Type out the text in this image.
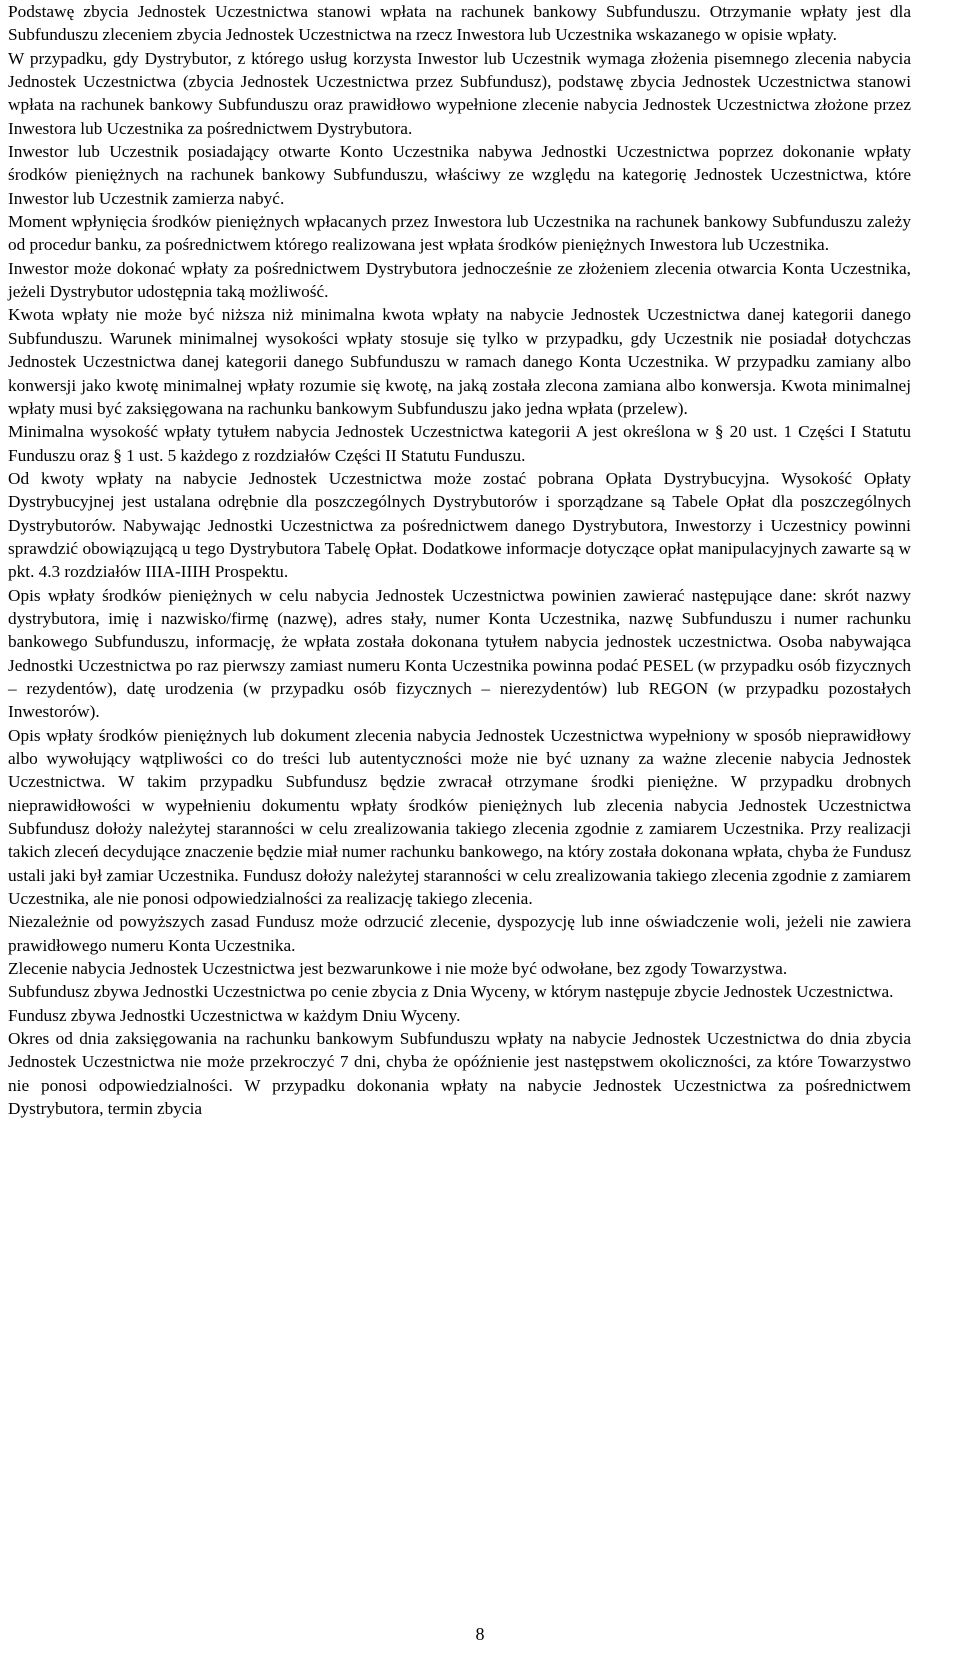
Podstawę zbycia Jednostek Uczestnictwa stanowi wpłata na rachunek bankowy Subfunduszu. Otrzymanie wpłaty jest dla Subfunduszu zleceniem zbycia Jednostek Uczestnictwa na rzecz Inwestora lub Uczestnika wskazanego w opisie wpłaty.

W przypadku, gdy Dystrybutor, z którego usług korzysta Inwestor lub Uczestnik wymaga złożenia pisemnego zlecenia nabycia Jednostek Uczestnictwa (zbycia Jednostek Uczestnictwa przez Subfundusz), podstawę zbycia Jednostek Uczestnictwa stanowi wpłata na rachunek bankowy Subfunduszu oraz prawidłowo wypełnione zlecenie nabycia Jednostek Uczestnictwa złożone przez Inwestora lub Uczestnika za pośrednictwem Dystrybutora.

Inwestor lub Uczestnik posiadający otwarte Konto Uczestnika nabywa Jednostki Uczestnictwa poprzez dokonanie wpłaty środków pieniężnych na rachunek bankowy Subfunduszu, właściwy ze względu na kategorię Jednostek Uczestnictwa, które Inwestor lub Uczestnik zamierza nabyć.

Moment wpłynięcia środków pieniężnych wpłacanych przez Inwestora lub Uczestnika na rachunek bankowy Subfunduszu zależy od procedur banku, za pośrednictwem którego realizowana jest wpłata środków pieniężnych Inwestora lub Uczestnika.

Inwestor może dokonać wpłaty za pośrednictwem Dystrybutora jednocześnie ze złożeniem zlecenia otwarcia Konta Uczestnika, jeżeli Dystrybutor udostępnia taką możliwość.

Kwota wpłaty nie może być niższa niż minimalna kwota wpłaty na nabycie Jednostek Uczestnictwa danej kategorii danego Subfunduszu. Warunek minimalnej wysokości wpłaty stosuje się tylko w przypadku, gdy Uczestnik nie posiadał dotychczas Jednostek Uczestnictwa danej kategorii danego Subfunduszu w ramach danego Konta Uczestnika. W przypadku zamiany albo konwersji jako kwotę minimalnej wpłaty rozumie się kwotę, na jaką została zlecona zamiana albo konwersja. Kwota minimalnej wpłaty musi być zaksięgowana na rachunku bankowym Subfunduszu jako jedna wpłata (przelew).

Minimalna wysokość wpłaty tytułem nabycia Jednostek Uczestnictwa kategorii A jest określona w § 20 ust. 1 Części I Statutu Funduszu oraz § 1 ust. 5 każdego z rozdziałów Części II Statutu Funduszu.

Od kwoty wpłaty na nabycie Jednostek Uczestnictwa może zostać pobrana Opłata Dystrybucyjna. Wysokość Opłaty Dystrybucyjnej jest ustalana odrębnie dla poszczególnych Dystrybutorów i sporządzane są Tabele Opłat dla poszczególnych Dystrybutorów. Nabywając Jednostki Uczestnictwa za pośrednictwem danego Dystrybutora, Inwestorzy i Uczestnicy powinni sprawdzić obowiązującą u tego Dystrybutora Tabelę Opłat. Dodatkowe informacje dotyczące opłat manipulacyjnych zawarte są w pkt. 4.3 rozdziałów IIIA-IIIH Prospektu.

Opis wpłaty środków pieniężnych w celu nabycia Jednostek Uczestnictwa powinien zawierać następujące dane: skrót nazwy dystrybutora, imię i nazwisko/firmę (nazwę), adres stały, numer Konta Uczestnika, nazwę Subfunduszu i numer rachunku bankowego Subfunduszu, informację, że wpłata została dokonana tytułem nabycia jednostek uczestnictwa. Osoba nabywająca Jednostki Uczestnictwa po raz pierwszy zamiast numeru Konta Uczestnika powinna podać PESEL (w przypadku osób fizycznych – rezydentów), datę urodzenia (w przypadku osób fizycznych – nierezydentów) lub REGON (w przypadku pozostałych Inwestorów).

Opis wpłaty środków pieniężnych lub dokument zlecenia nabycia Jednostek Uczestnictwa wypełniony w sposób nieprawidłowy albo wywołujący wątpliwości co do treści lub autentyczności może nie być uznany za ważne zlecenie nabycia Jednostek Uczestnictwa. W takim przypadku Subfundusz będzie zwracał otrzymane środki pieniężne. W przypadku drobnych nieprawidłowości w wypełnieniu dokumentu wpłaty środków pieniężnych lub zlecenia nabycia Jednostek Uczestnictwa Subfundusz dołoży należytej staranności w celu zrealizowania takiego zlecenia zgodnie z zamiarem Uczestnika. Przy realizacji takich zleceń decydujące znaczenie będzie miał numer rachunku bankowego, na który została dokonana wpłata, chyba że Fundusz ustali jaki był zamiar Uczestnika. Fundusz dołoży należytej staranności w celu zrealizowania takiego zlecenia zgodnie z zamiarem Uczestnika, ale nie ponosi odpowiedzialności za realizację takiego zlecenia.

Niezależnie od powyższych zasad Fundusz może odrzucić zlecenie, dyspozycję lub inne oświadczenie woli, jeżeli nie zawiera prawidłowego numeru Konta Uczestnika.

Zlecenie nabycia Jednostek Uczestnictwa jest bezwarunkowe i nie może być odwołane, bez zgody Towarzystwa.

Subfundusz zbywa Jednostki Uczestnictwa po cenie zbycia z Dnia Wyceny, w którym następuje zbycie Jednostek Uczestnictwa.

Fundusz zbywa Jednostki Uczestnictwa w każdym Dniu Wyceny.

Okres od dnia zaksięgowania na rachunku bankowym Subfunduszu wpłaty na nabycie Jednostek Uczestnictwa do dnia zbycia Jednostek Uczestnictwa nie może przekroczyć 7 dni, chyba że opóźnienie jest następstwem okoliczności, za które Towarzystwo nie ponosi odpowiedzialności. W przypadku dokonania wpłaty na nabycie Jednostek Uczestnictwa za pośrednictwem Dystrybutora, termin zbycia

8
